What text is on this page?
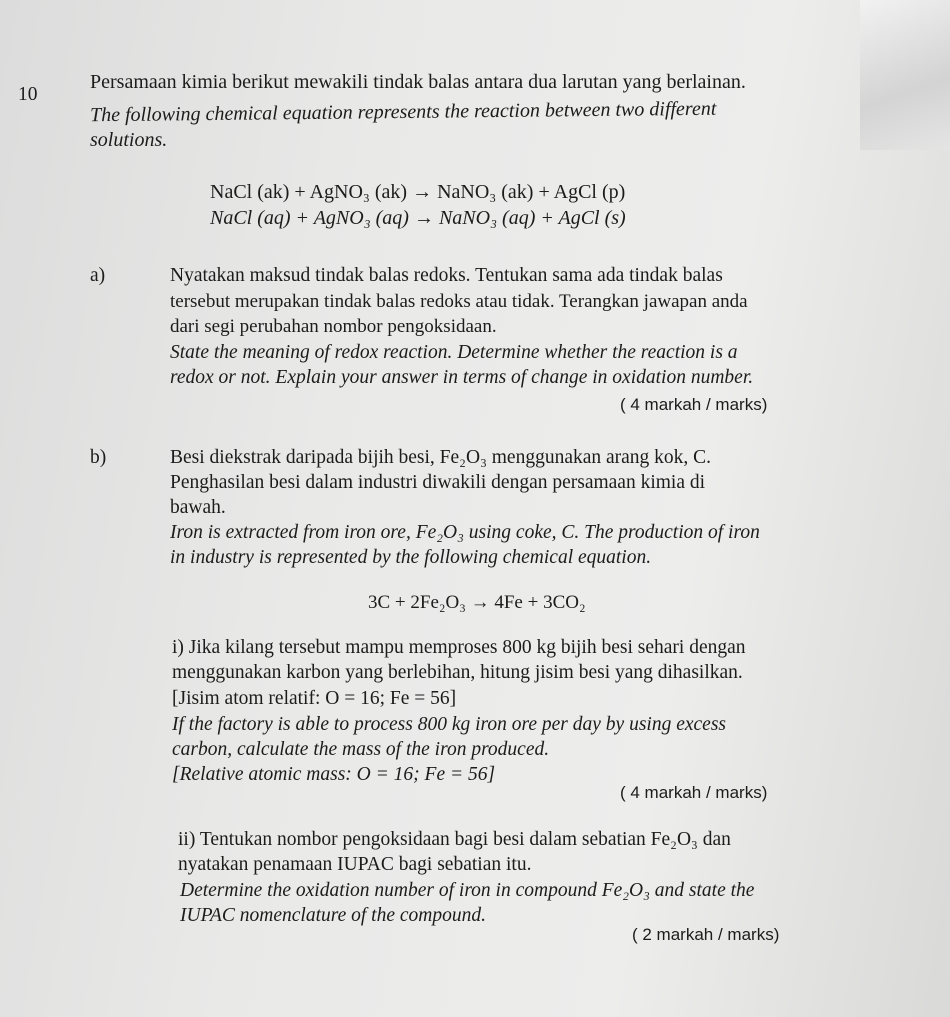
10
Persamaan kimia berikut mewakili tindak balas antara dua larutan yang berlainan.
The following chemical equation represents the reaction between two different
solutions.
NaCl (ak) + AgNO₃ (ak) → NaNO₃ (ak) + AgCl (p)
NaCl (aq) + AgNO₃ (aq) → NaNO₃ (aq) + AgCl (s)
a)	Nyatakan maksud tindak balas redoks. Tentukan sama ada tindak balas
tersebut merupakan tindak balas redoks atau tidak. Terangkan jawapan anda
dari segi perubahan nombor pengoksidaan.
State the meaning of redox reaction. Determine whether the reaction is a
redox or not. Explain your answer in terms of change in oxidation number.
( 4 markah / marks)
b)	Besi diekstrak daripada bijih besi, Fe₂O₃ menggunakan arang kok, C.
Penghasilan besi dalam industri diwakili dengan persamaan kimia di
bawah.
Iron is extracted from iron ore, Fe₂O₃ using coke, C. The production of iron
in industry is represented by the following chemical equation.
3C + 2Fe₂O₃ → 4Fe + 3CO₂
i) Jika kilang tersebut mampu memproses 800 kg bijih besi sehari dengan
menggunakan karbon yang berlebihan, hitung jisim besi yang dihasilkan.
[Jisim atom relatif: O = 16; Fe = 56]
If the factory is able to process 800 kg iron ore per day by using excess
carbon, calculate the mass of the iron produced.
[Relative atomic mass: O = 16; Fe = 56]
( 4 markah / marks)
ii) Tentukan nombor pengoksidaan bagi besi dalam sebatian Fe₂O₃ dan
nyatakan penamaan IUPAC bagi sebatian itu.
Determine the oxidation number of iron in compound Fe₂O₃ and state the
IUPAC nomenclature of the compound.
( 2 markah / marks)
